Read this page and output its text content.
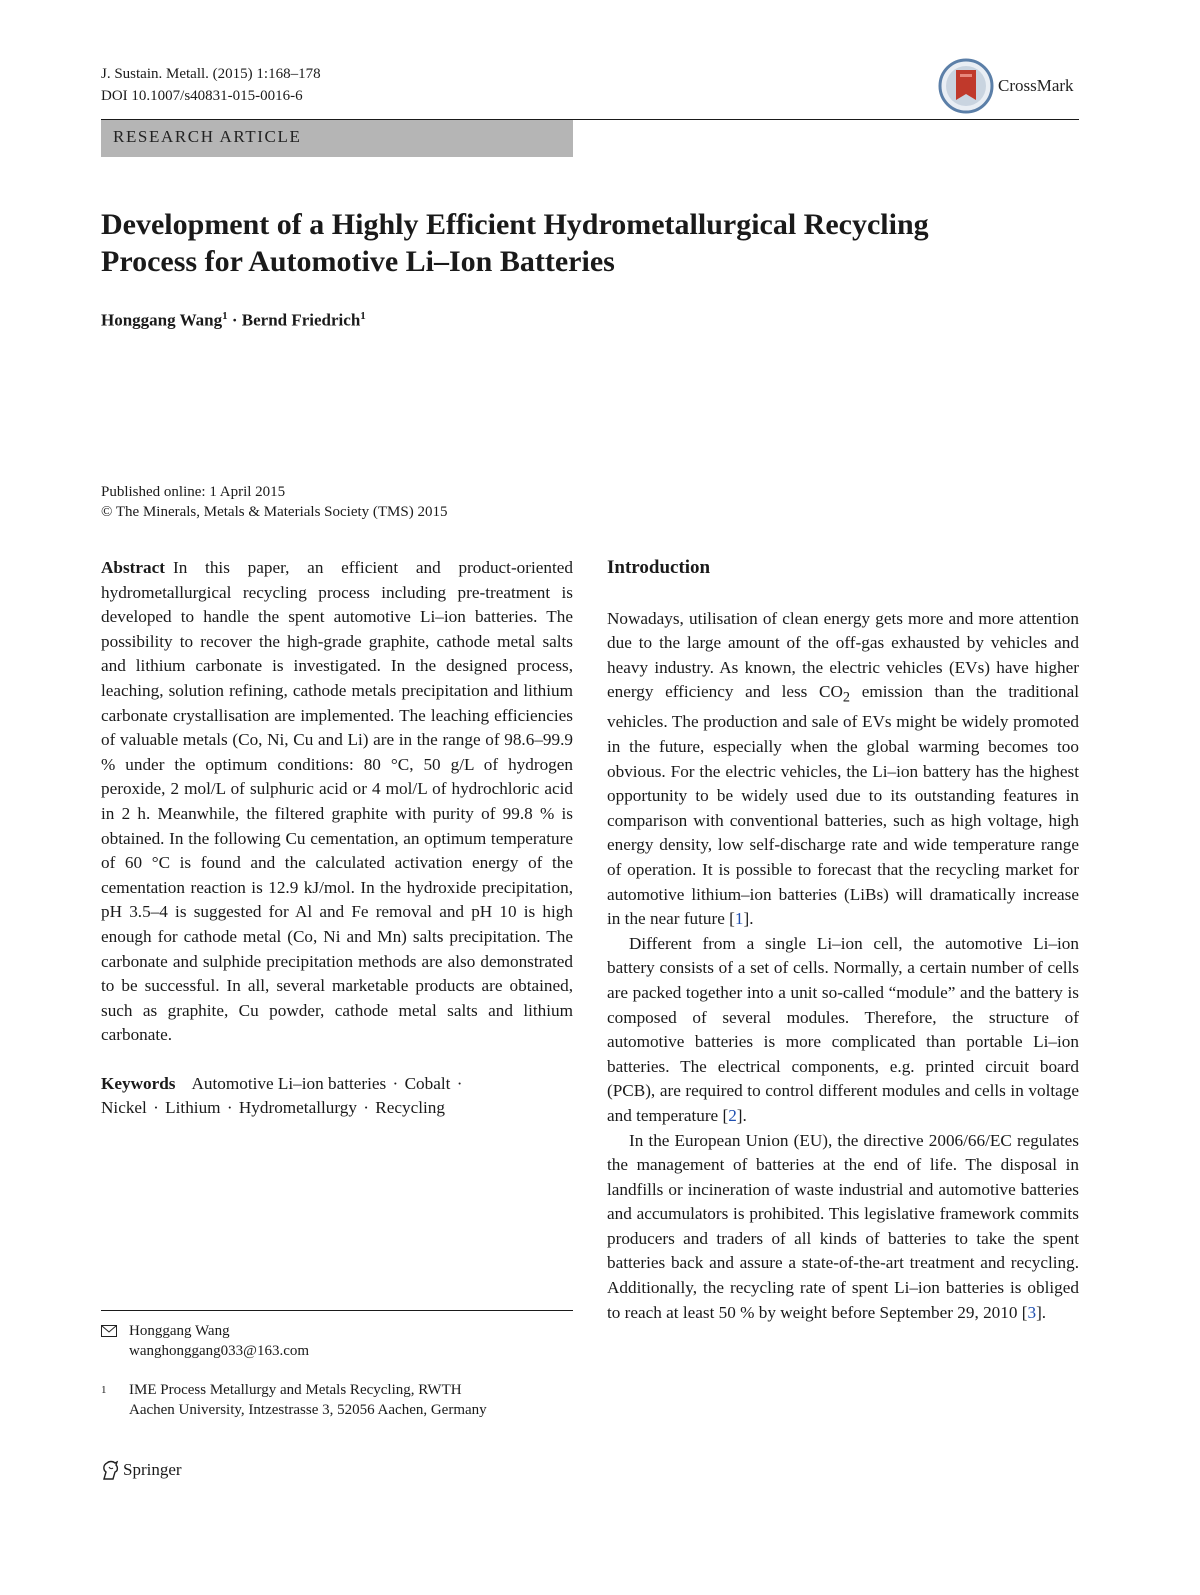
J. Sustain. Metall. (2015) 1:168–178
DOI 10.1007/s40831-015-0016-6
CrossMark
RESEARCH ARTICLE
Development of a Highly Efficient Hydrometallurgical Recycling
Process for Automotive Li–Ion Batteries
Honggang Wang$^1$ · Bernd Friedrich$^1$
Published online: 1 April 2015
© The Minerals, Metals & Materials Society (TMS) 2015

Abstract In this paper, an efficient and product-oriented hydrometallurgical recycling process including pre-treatment is developed to handle the spent automotive Li–ion batteries. The possibility to recover the high-grade graphite, cathode metal salts and lithium carbonate is investigated. In the designed process, leaching, solution refining, cathode metals precipitation and lithium carbonate crystallisation are implemented. The leaching efficiencies of valuable metals (Co, Ni, Cu and Li) are in the range of 98.6–99.9 % under the optimum conditions: 80 °C, 50 g/L of hydrogen peroxide, 2 mol/L of sulphuric acid or 4 mol/L of hydrochloric acid in 2 h. Meanwhile, the filtered graphite with purity of 99.8 % is obtained. In the following Cu cementation, an optimum temperature of 60 °C is found and the calculated activation energy of the cementation reaction is 12.9 kJ/mol. In the hydroxide precipitation, pH 3.5–4 is suggested for Al and Fe removal and pH 10 is high enough for cathode metal (Co, Ni and Mn) salts precipitation. The carbonate and sulphide precipitation methods are also demonstrated to be successful. In all, several marketable products are obtained, such as graphite, Cu powder, cathode metal salts and lithium carbonate.

Keywords Automotive Li–ion batteries · Cobalt ·
Nickel · Lithium · Hydrometallurgy · Recycling

Introduction

Nowadays, utilisation of clean energy gets more and more attention due to the large amount of the off-gas exhausted by vehicles and heavy industry. As known, the electric vehicles (EVs) have higher energy efficiency and less $CO_2$ emission than the traditional vehicles. The production and sale of EVs might be widely promoted in the future, especially when the global warming becomes too obvious. For the electric vehicles, the Li–ion battery has the highest opportunity to be widely used due to its outstanding features in comparison with conventional batteries, such as high voltage, high energy density, low self-discharge rate and wide temperature range of operation. It is possible to forecast that the recycling market for automotive lithium–ion batteries (LiBs) will dramatically increase in the near future [1].

Different from a single Li–ion cell, the automotive Li–ion battery consists of a set of cells. Normally, a certain number of cells are packed together into a unit so-called “module” and the battery is composed of several modules. Therefore, the structure of automotive batteries is more complicated than portable Li–ion batteries. The electrical components, e.g. printed circuit board (PCB), are required to control different modules and cells in voltage and temperature [2].

In the European Union (EU), the directive 2006/66/EC regulates the management of batteries at the end of life. The disposal in landfills or incineration of waste industrial and automotive batteries and accumulators is prohibited. This legislative framework commits producers and traders of all kinds of batteries to take the spent batteries back and assure a state-of-the-art treatment and recycling. Additionally, the recycling rate of spent Li–ion batteries is obliged to reach at least 50 % by weight before September 29, 2010 [3].

Honggang Wang
wanghonggang033@163.com
1	IME Process Metallurgy and Metals Recycling, RWTH
Aachen University, Intzestrasse 3, 52056 Aachen, Germany
Springer
